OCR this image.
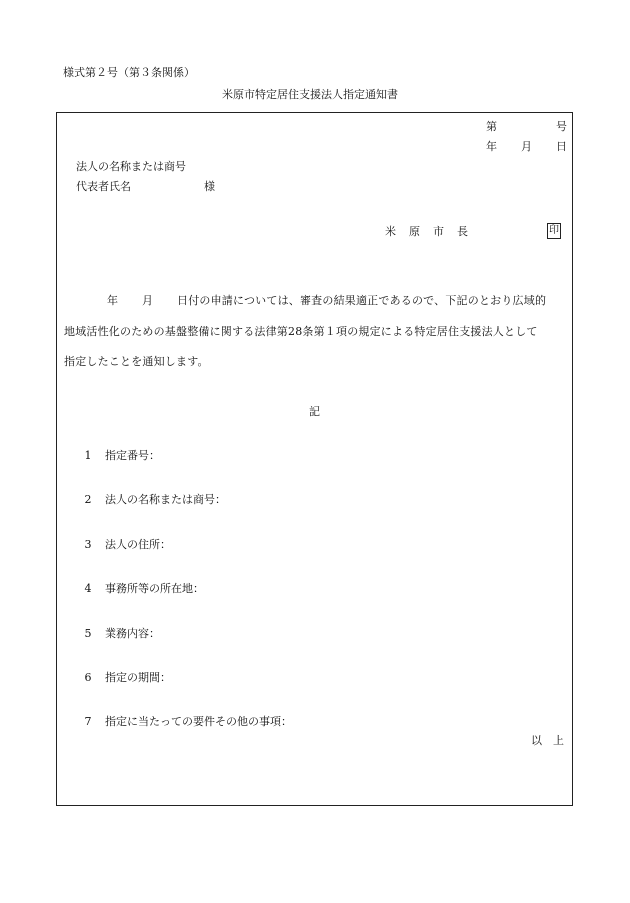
様式第２号（第３条関係）
米原市特定居住支援法人指定通知書
第	号
年 月 日
法人の名称または商号
代表者氏名	様
米　原　市　長	印
年 月 日付の申請については、審査の結果適正であるので、下記のとおり広域的
地域活性化のための基盤整備に関する法律第28条第１項の規定による特定居住支援法人として
指定したことを通知します。
記
1	指定番号：
2	法人の名称または商号：
3	法人の住所：
4	事務所等の所在地：
5	業務内容：
6	指定の期間：
7	指定に当たっての要件その他の事項：
以　上
